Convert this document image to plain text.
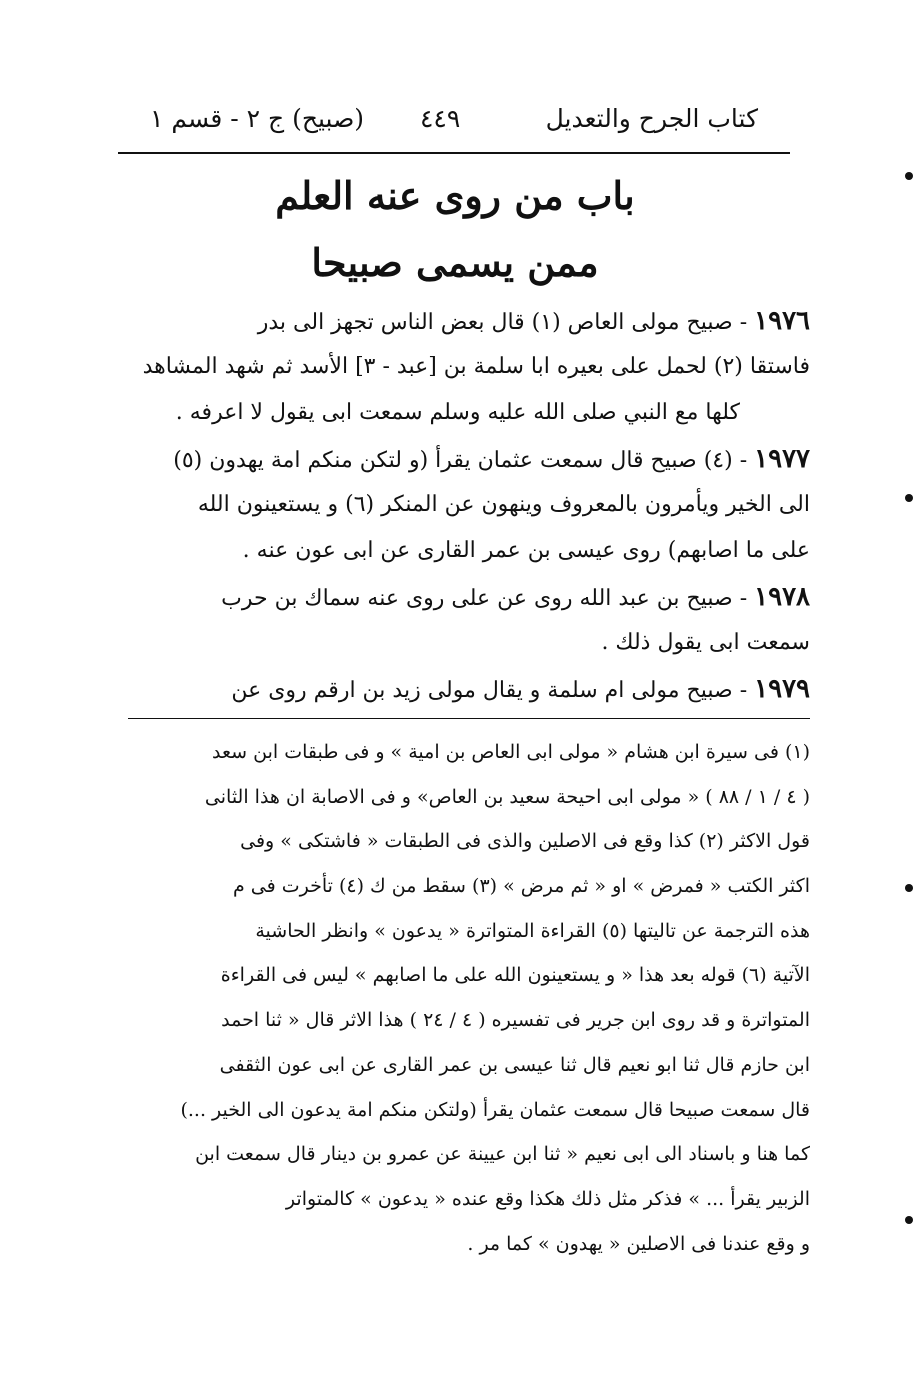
كتاب الجرح والتعديل
٤٤٩
(صبيح) ج ٢ - قسم ١
باب من روى عنه العلم
ممن يسمى صبيحا
١٩٧٦ - صبيح مولى العاص (١) قال بعض الناس تجهز الى بدر
فاستقا (٢) لحمل على بعيره ابا سلمة بن [عبد - ٣] الأسد ثم شهد المشاهد
كلها مع النبي صلى الله عليه وسلم سمعت ابى يقول لا اعرفه .
١٩٧٧ - (٤) صبيح قال سمعت عثمان يقرأ (و لتكن منكم امة يهدون (٥)
الى الخير ويأمرون بالمعروف وينهون عن المنكر (٦) و يستعينون الله
على ما اصابهم) روى عيسى بن عمر القارى عن ابى عون عنه .
١٩٧٨ - صبيح بن عبد الله روى عن على روى عنه سماك بن حرب
سمعت ابى يقول ذلك .
١٩٧٩ - صبيح مولى ام سلمة و يقال مولى زيد بن ارقم روى عن
(١) فى سيرة ابن هشام « مولى ابى العاص بن امية » و فى طبقات ابن سعد
( ٤ / ١ / ٨٨ ) « مولى ابى احيحة سعيد بن العاص» و فى الاصابة ان هذا الثانى
قول الاكثر (٢) كذا وقع فى الاصلين والذى فى الطبقات « فاشتكى » وفى
اكثر الكتب « فمرض » او « ثم مرض » (٣) سقط من ك (٤) تأخرت فى م
هذه الترجمة عن تاليتها (٥) القراءة المتواترة « يدعون » وانظر الحاشية
الآتية (٦) قوله بعد هذا « و يستعينون الله على ما اصابهم » ليس فى القراءة
المتواترة و قد روى ابن جرير فى تفسيره ( ٤ / ٢٤ ) هذا الاثر قال « ثنا احمد
ابن حازم قال ثنا ابو نعيم قال ثنا عيسى بن عمر القارى عن ابى عون الثقفى
قال سمعت صبيحا قال سمعت عثمان يقرأ (ولتكن منكم امة يدعون الى الخير ...)
كما هنا و باسناد الى ابى نعيم « ثنا ابن عيينة عن عمرو بن دينار قال سمعت ابن
الزبير يقرأ ... » فذكر مثل ذلك هكذا وقع عنده « يدعون » كالمتواتر
و وقع عندنا فى الاصلين « يهدون » كما مر .
